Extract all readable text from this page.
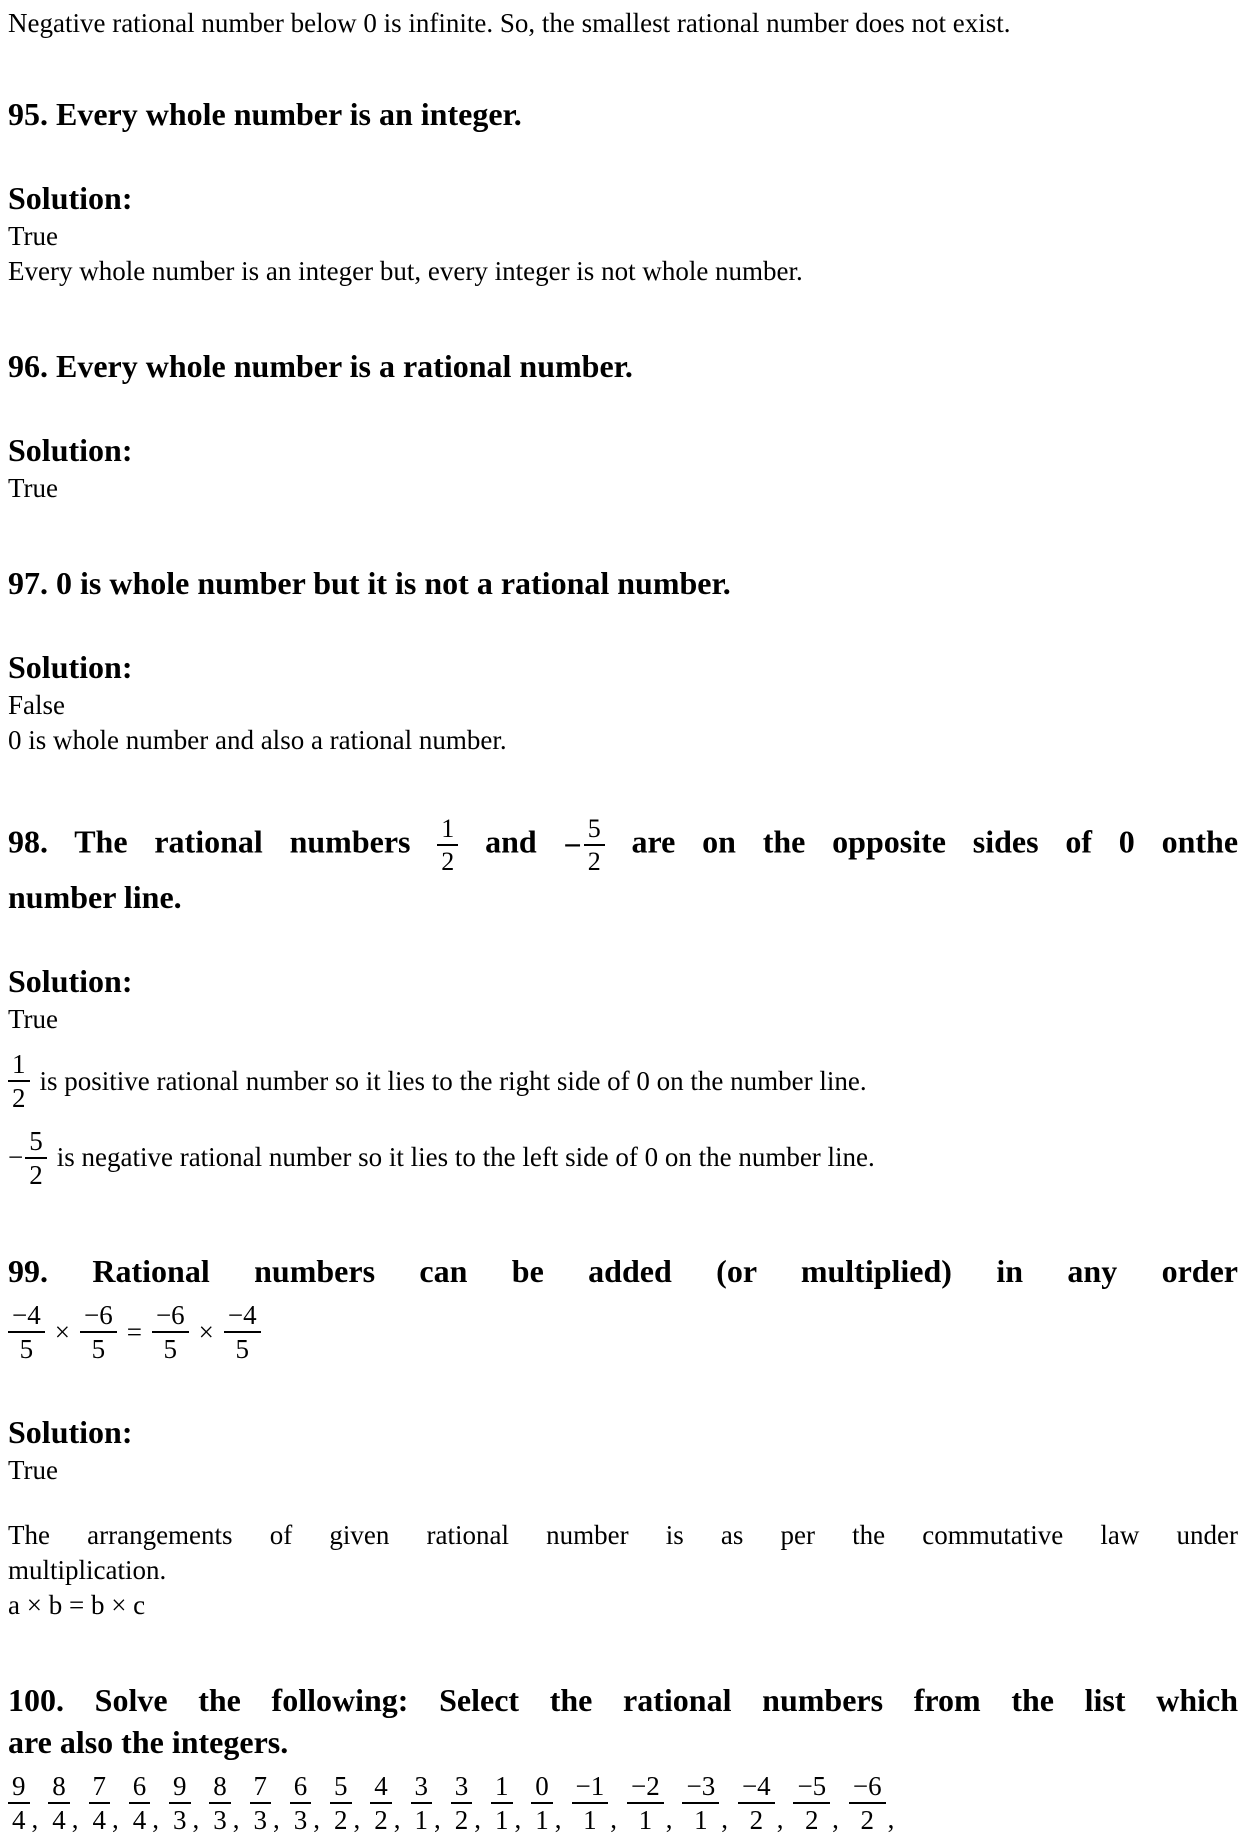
Negative rational number below 0 is infinite. So, the smallest rational number does not exist.

95. Every whole number is an integer.

Solution:

True

Every whole number is an integer but, every integer is not whole number.

96. Every whole number is a rational number.

Solution:

True

97. 0 is whole number but it is not a rational number.

Solution:

False

0 is whole number and also a rational number.

98. The rational numbers $\frac{1}{2}$ and − $\frac{5}{2}$ are on the opposite sides of 0 onthe

number line.

Solution:

True

$\frac{1}{2}$ is positive rational number so it lies to the right side of 0 on the number line.
− $\frac{5}{2}$ is negative rational number so it lies to the left side of 0 on the number line.

99. Rational numbers can be added (or multiplied) in any order

$\frac{-4}{5} \times \frac{-6}{5} = \frac{-6}{5} \times \frac{-4}{5}$

Solution:

True

The arrangements of given rational number is as per the commutative law under

multiplication.

a × b = b × c

100. Solve the following: Select the rational numbers from the list which

are also the integers.

$\frac{9}{4}$ , $\frac{8}{4}$ , $\frac{7}{4}$ , $\frac{6}{4}$ , $\frac{9}{3}$ , $\frac{8}{3}$ , $\frac{7}{3}$ , $\frac{6}{3}$ , $\frac{5}{2}$ , $\frac{4}{2}$ , $\frac{3}{1}$ , $\frac{3}{2}$ , $\frac{1}{1}$ , $\frac{0}{1}$ , $\frac{-1}{1}$ , $\frac{-2}{1}$ , $\frac{-3}{1}$ , $\frac{-4}{2}$ , $\frac{-5}{2}$ , $\frac{-6}{2}$ ,
